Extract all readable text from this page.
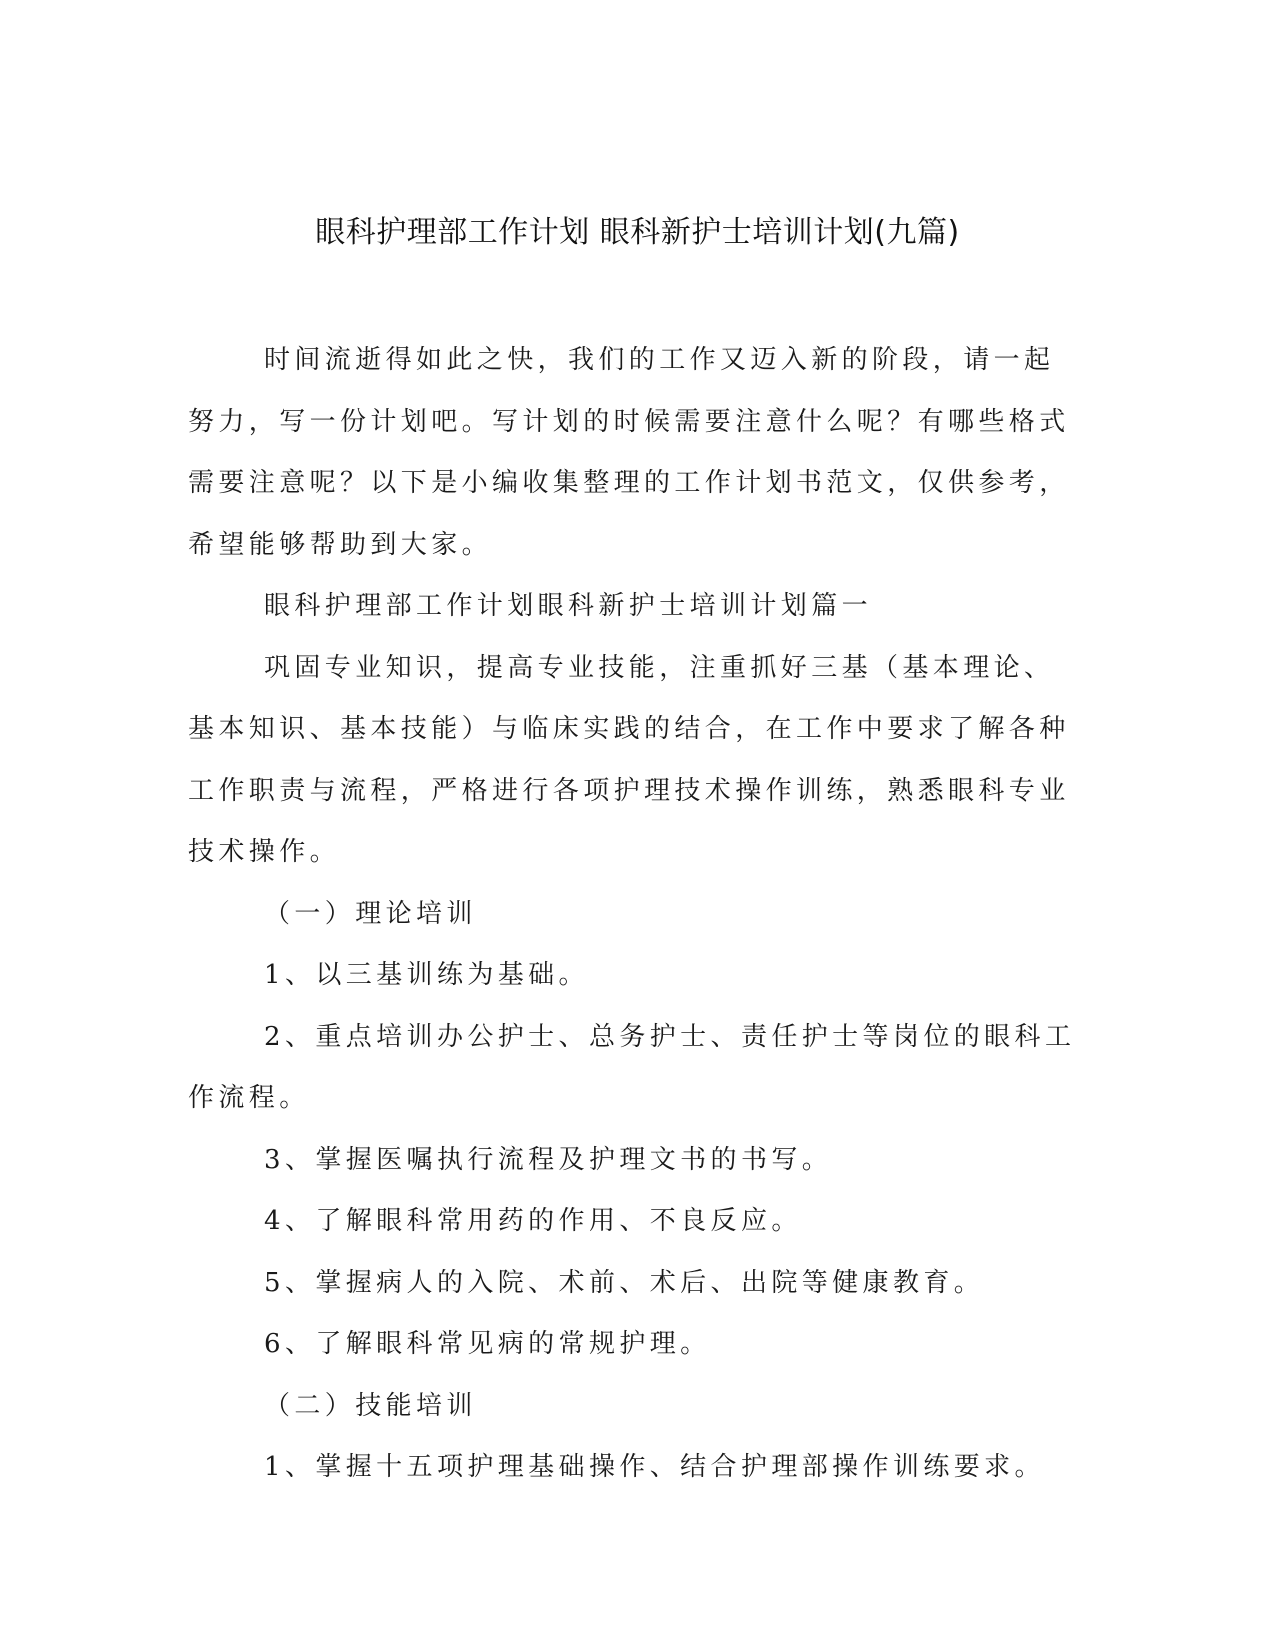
眼科护理部工作计划 眼科新护士培训计划(九篇)

时间流逝得如此之快，我们的工作又迈入新的阶段，请一起努力，写一份计划吧。写计划的时候需要注意什么呢？有哪些格式需要注意呢？以下是小编收集整理的工作计划书范文，仅供参考，希望能够帮助到大家。

眼科护理部工作计划眼科新护士培训计划篇一

巩固专业知识，提高专业技能，注重抓好三基（基本理论、基本知识、基本技能）与临床实践的结合，在工作中要求了解各种工作职责与流程，严格进行各项护理技术操作训练，熟悉眼科专业技术操作。

（一）理论培训

1、以三基训练为基础。

2、重点培训办公护士、总务护士、责任护士等岗位的眼科工作流程。

3、掌握医嘱执行流程及护理文书的书写。

4、了解眼科常用药的作用、不良反应。

5、掌握病人的入院、术前、术后、出院等健康教育。

6、了解眼科常见病的常规护理。

（二）技能培训

1、掌握十五项护理基础操作、结合护理部操作训练要求。
